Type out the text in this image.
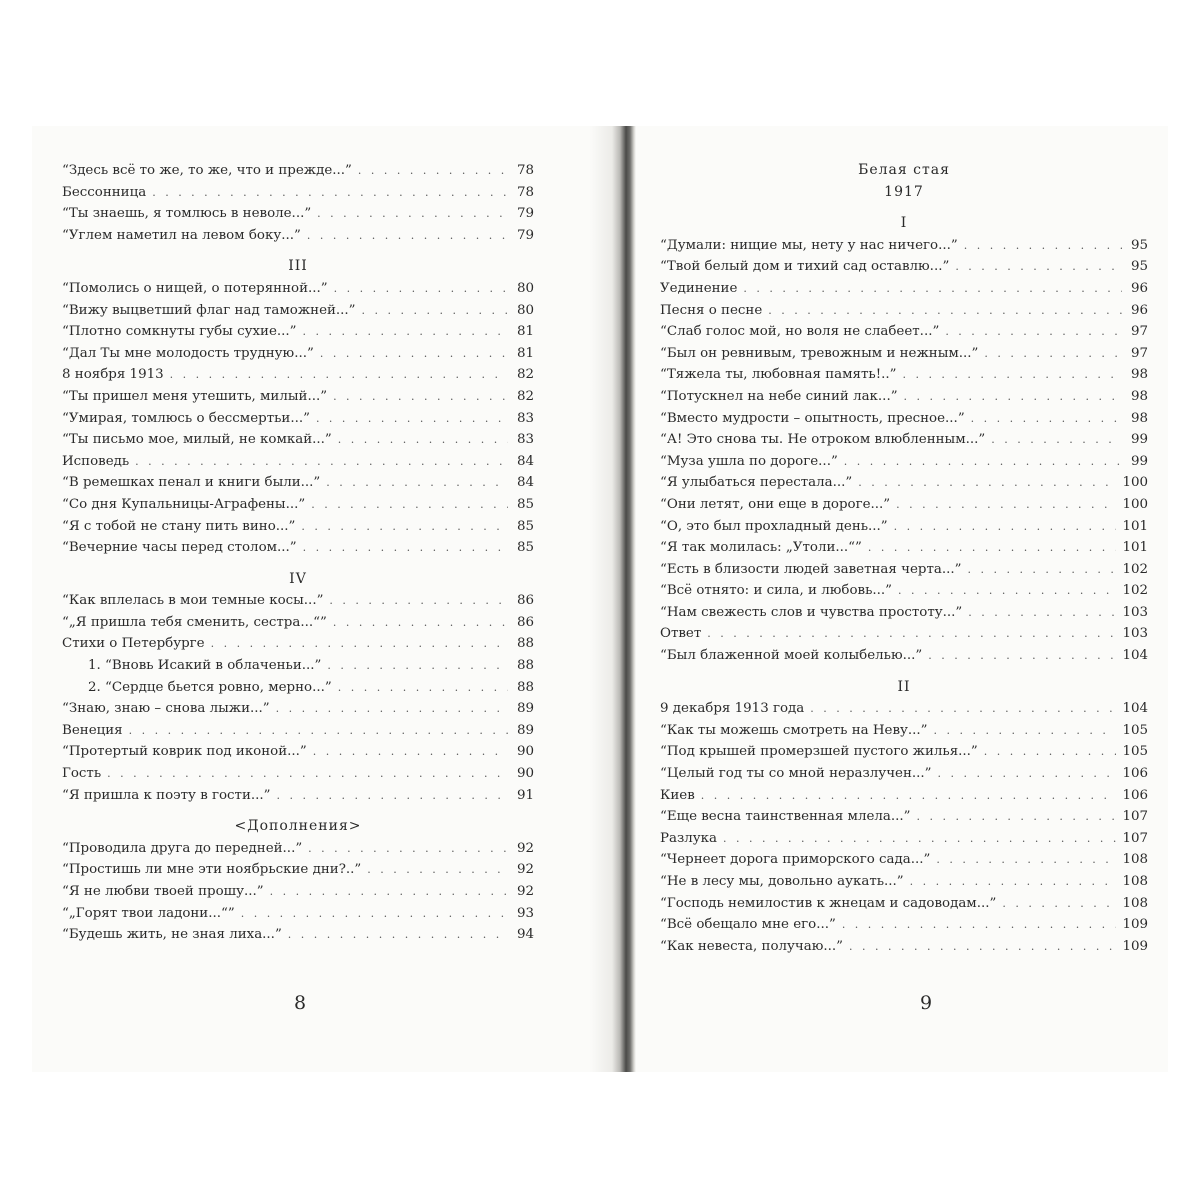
“Здесь всё то же, то же, что и прежде...” . . .	78
Бессонница . . .	78
“Ты знаешь, я томлюсь в неволе...” . . .	79
“Углем наметил на левом боку...” . . .	79
III
“Помолись о нищей, о потерянной...” . . .	80
“Вижу выцветший флаг над таможней...” . . .	80
“Плотно сомкнуты губы сухие...” . . .	81
“Дал Ты мне молодость трудную...” . . .	81
8 ноября 1913 . . .	82
“Ты пришел меня утешить, милый...” . . .	82
“Умирая, томлюсь о бессмертьи...” . . .	83
“Ты письмо мое, милый, не комкай...” . . .	83
Исповедь . . .	84
“В ремешках пенал и книги были...” . . .	84
“Со дня Купальницы-Аграфены...” . . .	85
“Я с тобой не стану пить вино...” . . .	85
“Вечерние часы перед столом...” . . .	85
IV
“Как вплелась в мои темные косы...” . . .	86
“„Я пришла тебя сменить, сестра...“” . . .	86
Стихи о Петербурге . . .	88
1. “Вновь Исакий в облаченьи...” . . .	88
2. “Сердце бьется ровно, мерно...” . . .	88
“Знаю, знаю – снова лыжи...” . . .	89
Венеция . . .	89
“Протертый коврик под иконой...” . . .	90
Гость . . .	90
“Я пришла к поэту в гости...” . . .	91
<Дополнения>
“Проводила друга до передней...” . . .	92
“Простишь ли мне эти ноябрьские дни?..” . . .	92
“Я не любви твоей прошу...” . . .	92
“„Горят твои ладони...“” . . .	93
“Будешь жить, не зная лиха...” . . .	94
8
Белая стая
1917
I
“Думали: нищие мы, нету у нас ничего...” . . .	95
“Твой белый дом и тихий сад оставлю...” . . .	95
Уединение . . .	96
Песня о песне . . .	96
“Слаб голос мой, но воля не слабеет...” . . .	97
“Был он ревнивым, тревожным и нежным...” . . .	97
“Тяжела ты, любовная память!..” . . .	98
“Потускнел на небе синий лак...” . . .	98
“Вместо мудрости – опытность, пресное...” . . .	98
“А! Это снова ты. Не отроком влюбленным...” . . .	99
“Муза ушла по дороге...” . . .	99
“Я улыбаться перестала...” . . .	100
“Они летят, они еще в дороге...” . . .	100
“О, это был прохладный день...” . . .	101
“Я так молилась: „Утоли...“” . . .	101
“Есть в близости людей заветная черта...” . . .	102
“Всё отнято: и сила, и любовь...” . . .	102
“Нам свежесть слов и чувства простоту...” . . .	103
Ответ . . .	103
“Был блаженной моей колыбелью...” . . .	104
II
9 декабря 1913 года . . .	104
“Как ты можешь смотреть на Неву...” . . .	105
“Под крышей промерзшей пустого жилья...” . . .	105
“Целый год ты со мной неразлучен...” . . .	106
Киев . . .	106
“Еще весна таинственная млела...” . . .	107
Разлука . . .	107
“Чернеет дорога приморского сада...” . . .	108
“Не в лесу мы, довольно аукать...” . . .	108
“Господь немилостив к жнецам и садоводам...” . . .	108
“Всё обещало мне его...” . . .	109
“Как невеста, получаю...” . . .	109
9
